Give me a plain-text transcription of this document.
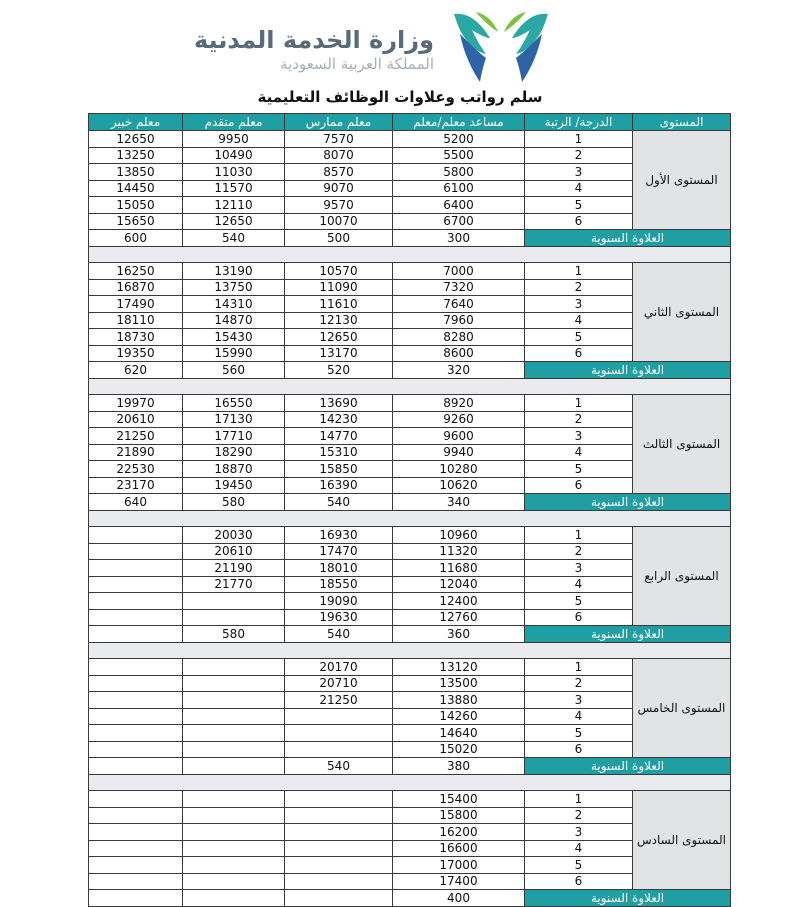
وزارة الخدمة المدنية
المملكة العربية السعودية
سلم رواتب وعلاوات الوظائف التعليمية
المستوى	الدرجة/ الرتبة	مساعد معلم/معلم	معلم ممارس	معلم متقدم	معلم خبير
المستوى الأول	1	5200	7570	9950	12650
	2	5500	8070	10490	13250
	3	5800	8570	11030	13850
	4	6100	9070	11570	14450
	5	6400	9570	12110	15050
	6	6700	10070	12650	15650
العلاوة السنوية		300	500	540	600

المستوى الثاني	1	7000	10570	13190	16250
	2	7320	11090	13750	16870
	3	7640	11610	14310	17490
	4	7960	12130	14870	18110
	5	8280	12650	15430	18730
	6	8600	13170	15990	19350
العلاوة السنوية		320	520	560	620

المستوى الثالث	1	8920	13690	16550	19970
	2	9260	14230	17130	20610
	3	9600	14770	17710	21250
	4	9940	15310	18290	21890
	5	10280	15850	18870	22530
	6	10620	16390	19450	23170
العلاوة السنوية		340	540	580	640

المستوى الرابع	1	10960	16930	20030	
	2	11320	17470	20610	
	3	11680	18010	21190	
	4	12040	18550	21770	
	5	12400	19090		
	6	12760	19630		
العلاوة السنوية		360	540	580	

المستوى الخامس	1	13120	20170		
	2	13500	20710		
	3	13880	21250		
	4	14260			
	5	14640			
	6	15020			
العلاوة السنوية		380	540		

المستوى السادس	1	15400			
	2	15800			
	3	16200			
	4	16600			
	5	17000			
	6	17400			
العلاوة السنوية		400			
